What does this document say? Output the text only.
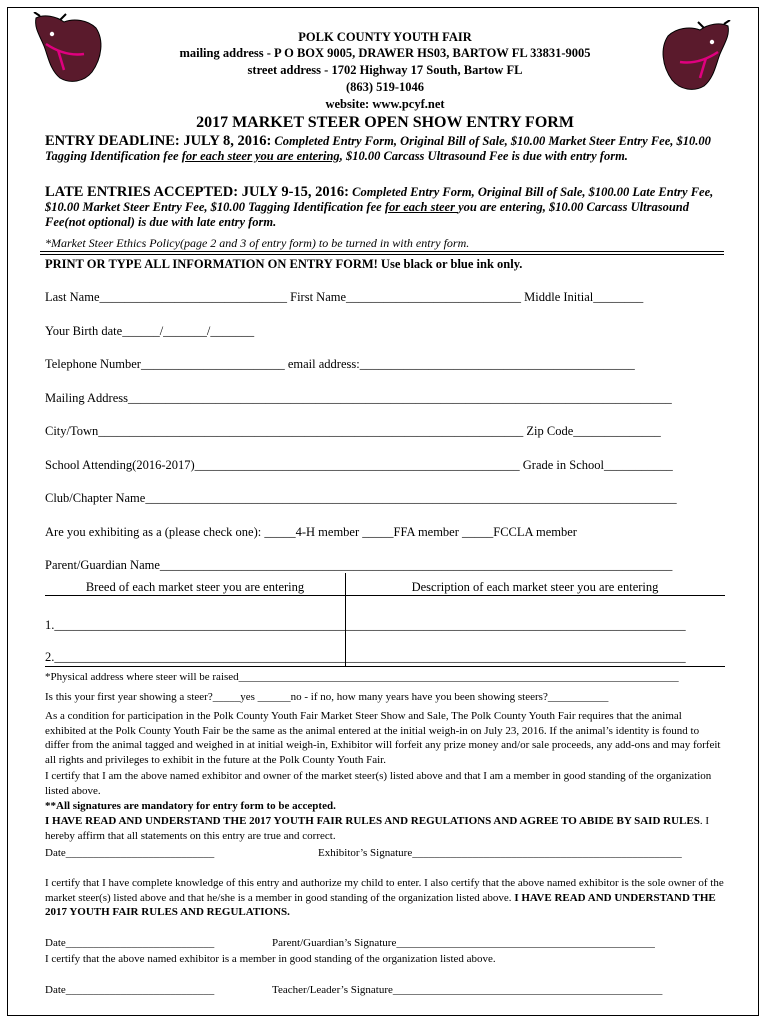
POLK COUNTY YOUTH FAIR
mailing address - P O BOX 9005, DRAWER HS03, BARTOW FL 33831-9005
street address - 1702 Highway 17 South, Bartow FL
(863) 519-1046
website: www.pcyf.net
2017 MARKET STEER OPEN SHOW ENTRY FORM
ENTRY DEADLINE: JULY 8, 2016: Completed Entry Form, Original Bill of Sale, $10.00 Market Steer Entry Fee, $10.00 Tagging Identification fee for each steer you are entering, $10.00 Carcass Ultrasound Fee is due with entry form.
LATE ENTRIES ACCEPTED: JULY 9-15, 2016: Completed Entry Form, Original Bill of Sale, $100.00 Late Entry Fee, $10.00 Market Steer Entry Fee, $10.00 Tagging Identification fee for each steer you are entering, $10.00 Carcass Ultrasound Fee(not optional) is due with late entry form.
*Market Steer Ethics Policy(page 2 and 3 of entry form) to be turned in with entry form.
PRINT OR TYPE ALL INFORMATION ON ENTRY FORM! Use black or blue ink only.
Last Name______________________________ First Name____________________________ Middle Initial________
Your Birth date______/_______/_______
Telephone Number_______________________ email address:____________________________________________
Mailing Address_______________________________________________________________________________________
City/Town____________________________________________________________________ Zip Code______________
School Attending(2016-2017)____________________________________________________ Grade in School___________
Club/Chapter Name_____________________________________________________________________________________
Are you exhibiting as a (please check one): _____4-H member _____FFA member _____FCCLA member
Parent/Guardian Name__________________________________________________________________________________
Breed of each market steer you are entering	Description of each market steer you are entering
1._____________________________________________________________________________________________________
2._____________________________________________________________________________________________________
*Physical address where steer will be raised________________________________________________________________________________
Is this your first year showing a steer?_____yes ______no - if no, how many years have you been showing steers?___________
As a condition for participation in the Polk County Youth Fair Market Steer Show and Sale, The Polk County Youth Fair requires that the animal exhibited at the Polk County Youth Fair be the same as the animal entered at the initial weigh-in on July 23, 2016. If the animal’s identity is found to differ from the animal tagged and weighed in at initial weigh-in, Exhibitor will forfeit any prize money and/or sale proceeds, any add-ons and may forfeit all rights and privileges to exhibit in the future at the Polk County Youth Fair.
I certify that I am the above named exhibitor and owner of the market steer(s) listed above and that I am a member in good standing of the organization listed above.
**All signatures are mandatory for entry form to be accepted.
I HAVE READ AND UNDERSTAND THE 2017 YOUTH FAIR RULES AND REGULATIONS AND AGREE TO ABIDE BY SAID RULES. I hereby affirm that all statements on this entry are true and correct.
Date___________________________	Exhibitor’s Signature_________________________________________________
I certify that I have complete knowledge of this entry and authorize my child to enter. I also certify that the above named exhibitor is the sole owner of the market steer(s) listed above and that he/she is a member in good standing of the organization listed above. I HAVE READ AND UNDERSTAND THE 2017 YOUTH FAIR RULES AND REGULATIONS.
Date___________________________	Parent/Guardian’s Signature_______________________________________________
I certify that the above named exhibitor is a member in good standing of the organization listed above.
Date___________________________	Teacher/Leader’s Signature_________________________________________________
